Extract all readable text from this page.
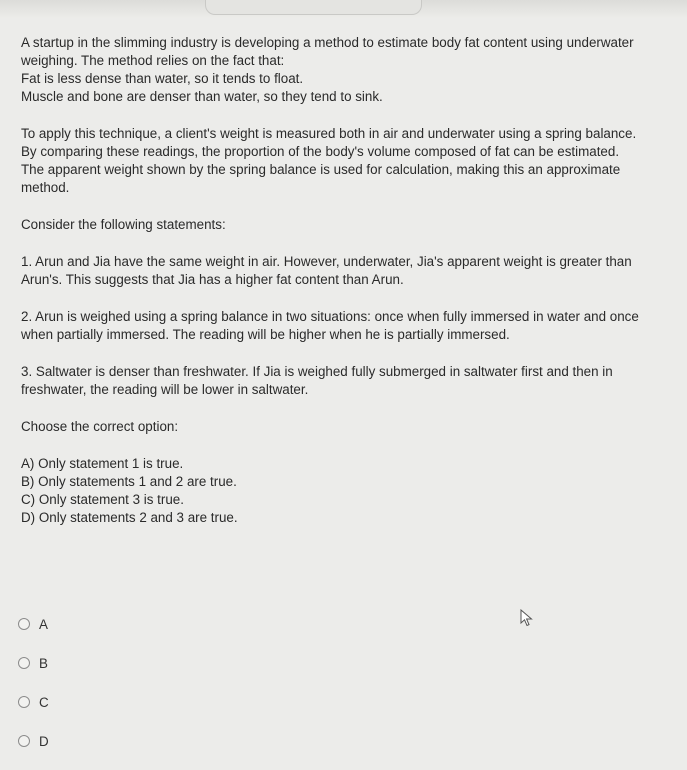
A startup in the slimming industry is developing a method to estimate body fat content using underwater weighing. The method relies on the fact that:

Fat is less dense than water, so it tends to float.

Muscle and bone are denser than water, so they tend to sink.

To apply this technique, a client's weight is measured both in air and underwater using a spring balance. By comparing these readings, the proportion of the body's volume composed of fat can be estimated.

The apparent weight shown by the spring balance is used for calculation, making this an approximate method.

Consider the following statements:

1. Arun and Jia have the same weight in air. However, underwater, Jia's apparent weight is greater than Arun's. This suggests that Jia has a higher fat content than Arun.

2. Arun is weighed using a spring balance in two situations: once when fully immersed in water and once when partially immersed. The reading will be higher when he is partially immersed.

3. Saltwater is denser than freshwater. If Jia is weighed fully submerged in saltwater first and then in freshwater, the reading will be lower in saltwater.

Choose the correct option:

A) Only statement 1 is true.

B) Only statements 1 and 2 are true.

C) Only statement 3 is true.

D) Only statements 2 and 3 are true.

A
B
C
D
